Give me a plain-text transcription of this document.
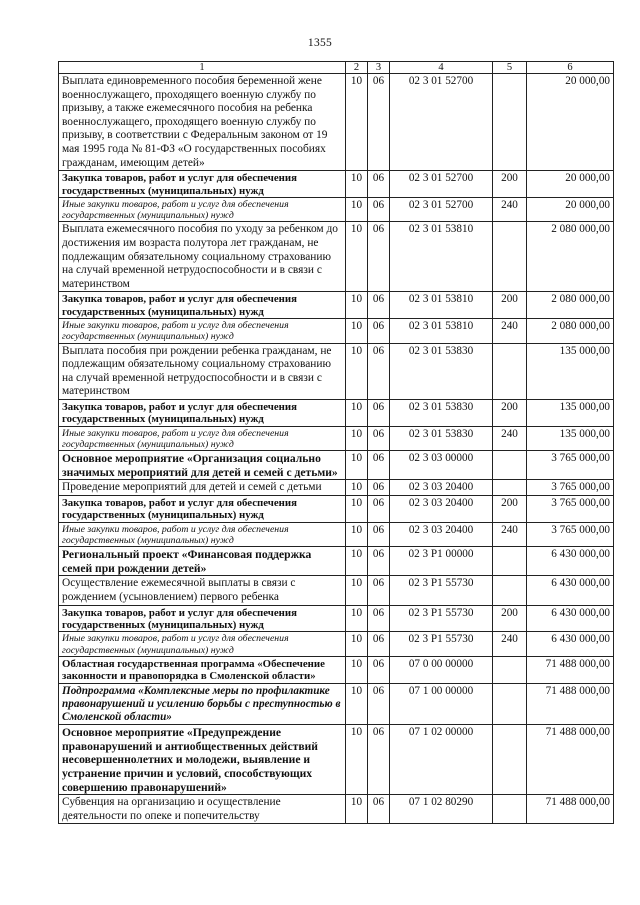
1355
1	2	3	4	5	6
Выплата единовременного пособия беременной жене военнослужащего, проходящего военную службу по призыву, а также ежемесячного пособия на ребенка военнослужащего, проходящего военную службу по призыву, в соответствии с Федеральным законом от 19 мая 1995 года № 81-ФЗ «О государственных пособиях гражданам, имеющим детей»	10	06	02 3 01 52700		20 000,00
Закупка товаров, работ и услуг для обеспечения государственных (муниципальных) нужд	10	06	02 3 01 52700	200	20 000,00
Иные закупки товаров, работ и услуг для обеспечения государственных (муниципальных) нужд	10	06	02 3 01 52700	240	20 000,00
Выплата ежемесячного пособия по уходу за ребенком до достижения им возраста полутора лет гражданам, не подлежащим обязательному социальному страхованию на случай временной нетрудоспособности и в связи с материнством	10	06	02 3 01 53810		2 080 000,00
Закупка товаров, работ и услуг для обеспечения государственных (муниципальных) нужд	10	06	02 3 01 53810	200	2 080 000,00
Иные закупки товаров, работ и услуг для обеспечения государственных (муниципальных) нужд	10	06	02 3 01 53810	240	2 080 000,00
Выплата пособия при рождении ребенка гражданам, не подлежащим обязательному социальному страхованию на случай временной нетрудоспособности и в связи с материнством	10	06	02 3 01 53830		135 000,00
Закупка товаров, работ и услуг для обеспечения государственных (муниципальных) нужд	10	06	02 3 01 53830	200	135 000,00
Иные закупки товаров, работ и услуг для обеспечения государственных (муниципальных) нужд	10	06	02 3 01 53830	240	135 000,00
Основное мероприятие «Организация социально значимых мероприятий для детей и семей с детьми»	10	06	02 3 03 00000		3 765 000,00
Проведение мероприятий для детей и семей с детьми	10	06	02 3 03 20400		3 765 000,00
Закупка товаров, работ и услуг для обеспечения государственных (муниципальных) нужд	10	06	02 3 03 20400	200	3 765 000,00
Иные закупки товаров, работ и услуг для обеспечения государственных (муниципальных) нужд	10	06	02 3 03 20400	240	3 765 000,00
Региональный проект «Финансовая поддержка семей при рождении детей»	10	06	02 3 P1 00000		6 430 000,00
Осуществление ежемесячной выплаты в связи с рождением (усыновлением) первого ребенка	10	06	02 3 P1 55730		6 430 000,00
Закупка товаров, работ и услуг для обеспечения государственных (муниципальных) нужд	10	06	02 3 P1 55730	200	6 430 000,00
Иные закупки товаров, работ и услуг для обеспечения государственных (муниципальных) нужд	10	06	02 3 P1 55730	240	6 430 000,00
Областная государственная программа «Обеспечение законности и правопорядка в Смоленской области»	10	06	07 0 00 00000		71 488 000,00
Подпрограмма «Комплексные меры по профилактике правонарушений и усилению борьбы с преступностью в Смоленской области»	10	06	07 1 00 00000		71 488 000,00
Основное мероприятие «Предупреждение правонарушений и антиобщественных действий несовершеннолетних и молодежи, выявление и устранение причин и условий, способствующих совершению правонарушений»	10	06	07 1 02 00000		71 488 000,00
Субвенция на организацию и осуществление деятельности по опеке и попечительству	10	06	07 1 02 80290		71 488 000,00
